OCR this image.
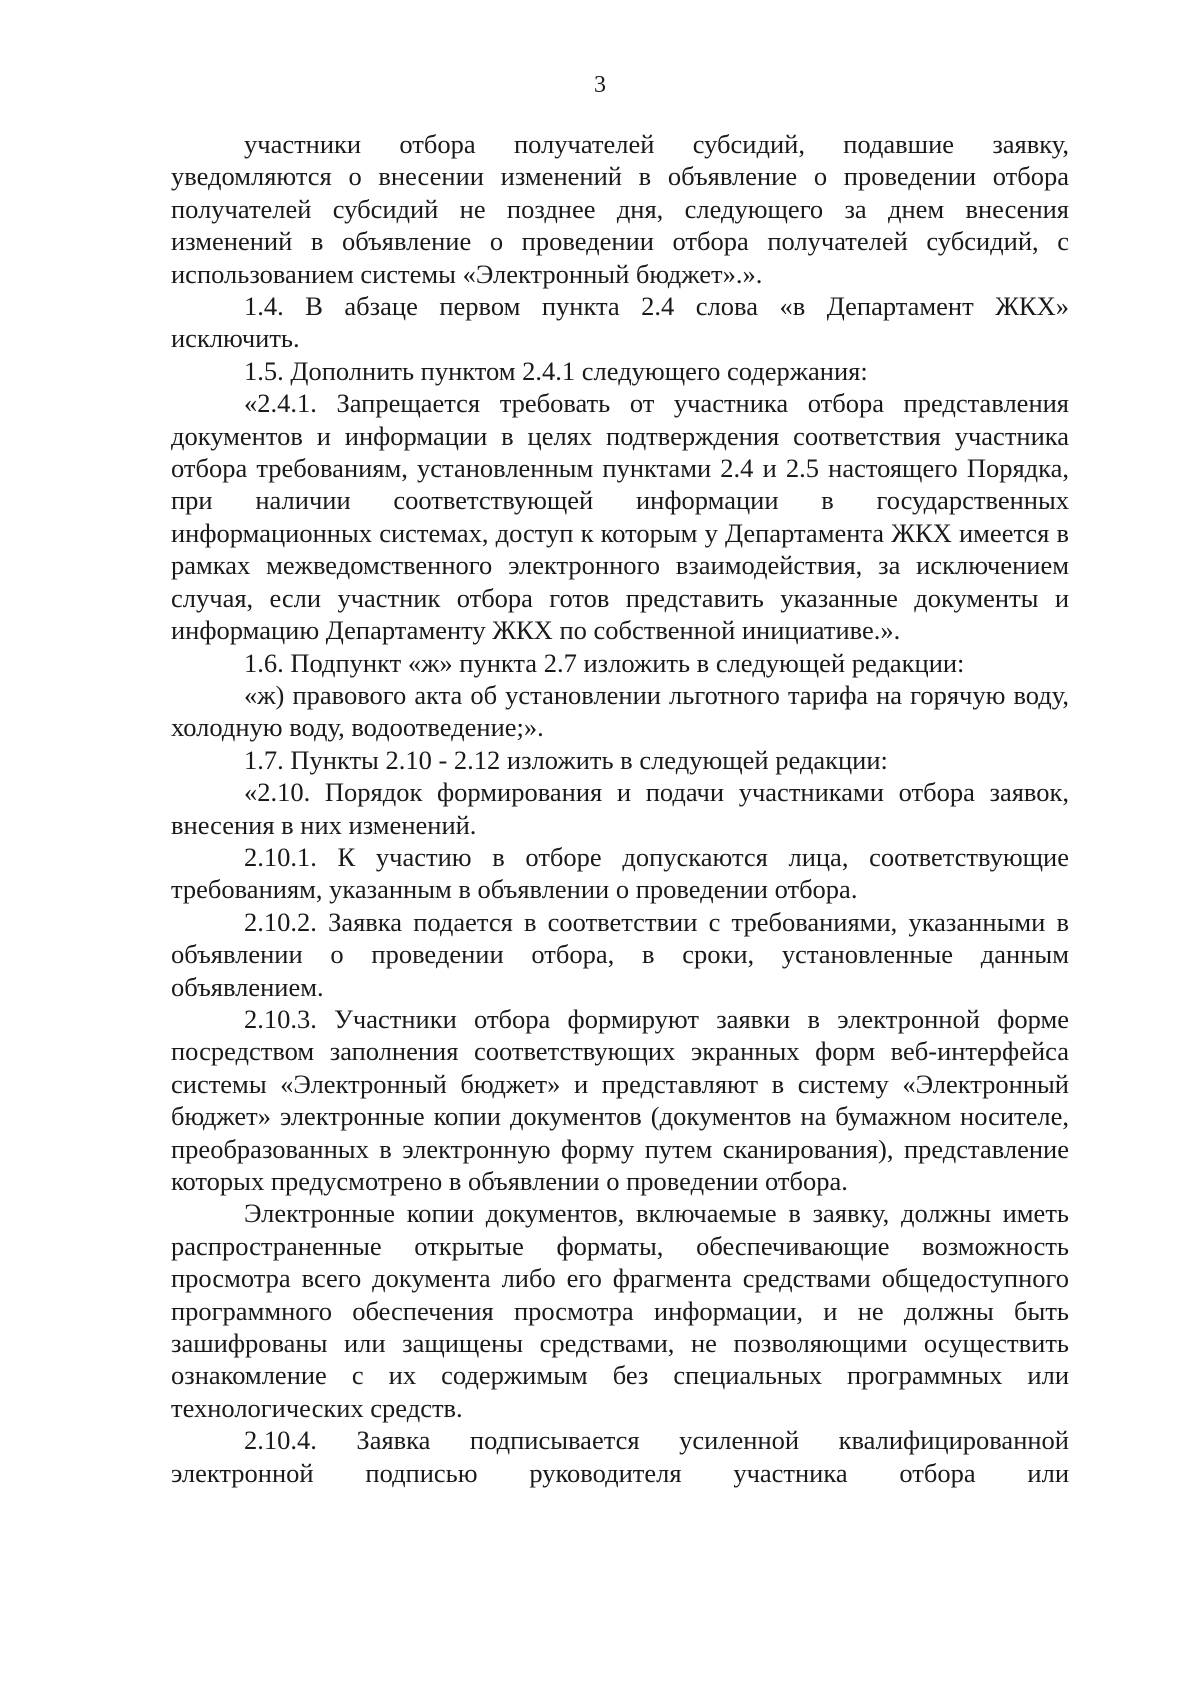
3

участники отбора получателей субсидий, подавшие заявку, уведомляются о внесении изменений в объявление о проведении отбора получателей субсидий не позднее дня, следующего за днем внесения изменений в объявление о проведении отбора получателей субсидий, с использованием системы «Электронный бюджет».».

1.4. В абзаце первом пункта 2.4 слова «в Департамент ЖКХ» исключить.

1.5. Дополнить пунктом 2.4.1 следующего содержания:

«2.4.1. Запрещается требовать от участника отбора представления документов и информации в целях подтверждения соответствия участника отбора требованиям, установленным пунктами 2.4 и 2.5 настоящего Порядка, при наличии соответствующей информации в государственных информационных системах, доступ к которым у Департамента ЖКХ имеется в рамках межведомственного электронного взаимодействия, за исключением случая, если участник отбора готов представить указанные документы и информацию Департаменту ЖКХ по собственной инициативе.».

1.6. Подпункт «ж» пункта 2.7 изложить в следующей редакции:

«ж) правового акта об установлении льготного тарифа на горячую воду, холодную воду, водоотведение;».

1.7. Пункты 2.10 - 2.12 изложить в следующей редакции:

«2.10. Порядок формирования и подачи участниками отбора заявок, внесения в них изменений.

2.10.1. К участию в отборе допускаются лица, соответствующие требованиям, указанным в объявлении о проведении отбора.

2.10.2. Заявка подается в соответствии с требованиями, указанными в объявлении о проведении отбора, в сроки, установленные данным объявлением.

2.10.3. Участники отбора формируют заявки в электронной форме посредством заполнения соответствующих экранных форм веб-интерфейса системы «Электронный бюджет» и представляют в систему «Электронный бюджет» электронные копии документов (документов на бумажном носителе, преобразованных в электронную форму путем сканирования), представление которых предусмотрено в объявлении о проведении отбора.

Электронные копии документов, включаемые в заявку, должны иметь распространенные открытые форматы, обеспечивающие возможность просмотра всего документа либо его фрагмента средствами общедоступного программного обеспечения просмотра информации, и не должны быть зашифрованы или защищены средствами, не позволяющими осуществить ознакомление с их содержимым без специальных программных или технологических средств.

2.10.4. Заявка подписывается усиленной квалифицированной электронной подписью руководителя участника отбора или
